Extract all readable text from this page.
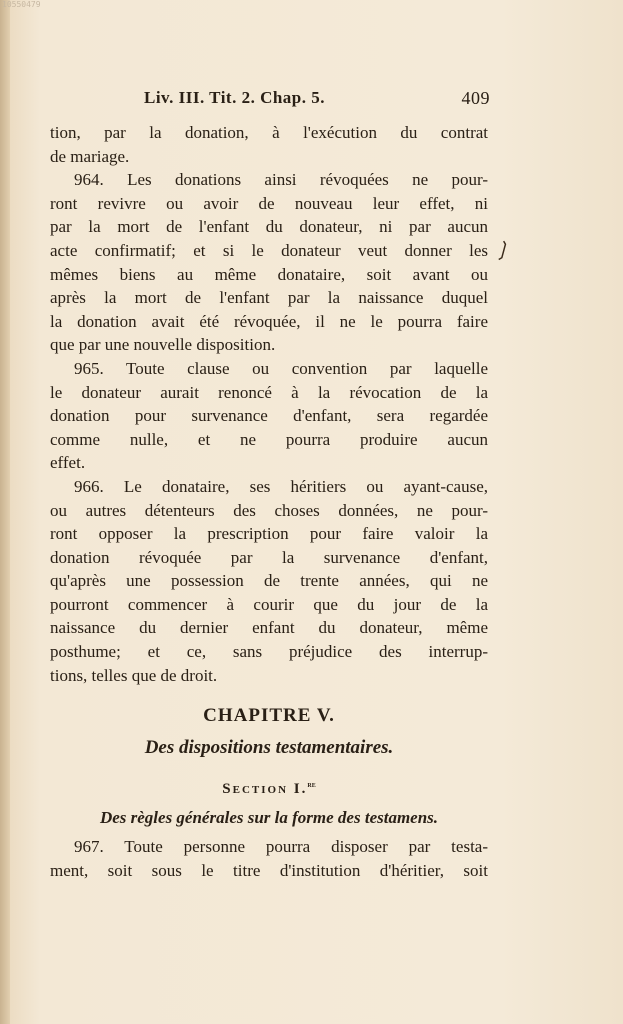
10550479
Liv. III. Tit. 2. Chap. 5.	409
❳
tion, par la donation, à l'exécution du contrat
de mariage.
964. Les donations ainsi révoquées ne pour-
ront revivre ou avoir de nouveau leur effet, ni
par la mort de l'enfant du donateur, ni par aucun
acte confirmatif; et si le donateur veut donner les
mêmes biens au même donataire, soit avant ou
après la mort de l'enfant par la naissance duquel
la donation avait été révoquée, il ne le pourra faire
que par une nouvelle disposition.
965. Toute clause ou convention par laquelle
le donateur aurait renoncé à la révocation de la
donation pour survenance d'enfant, sera regardée
comme nulle, et ne pourra produire aucun
effet.
966. Le donataire, ses héritiers ou ayant-cause,
ou autres détenteurs des choses données, ne pour-
ront opposer la prescription pour faire valoir la
donation révoquée par la survenance d'enfant,
qu'après une possession de trente années, qui ne
pourront commencer à courir que du jour de la
naissance du dernier enfant du donateur, même
posthume; et ce, sans préjudice des interrup-
tions, telles que de droit.
CHAPITRE V.
Des dispositions testamentaires.
Section I.$^{re}$
Des règles générales sur la forme des testamens.
967. Toute personne pourra disposer par testa-
ment, soit sous le titre d'institution d'héritier, soit
